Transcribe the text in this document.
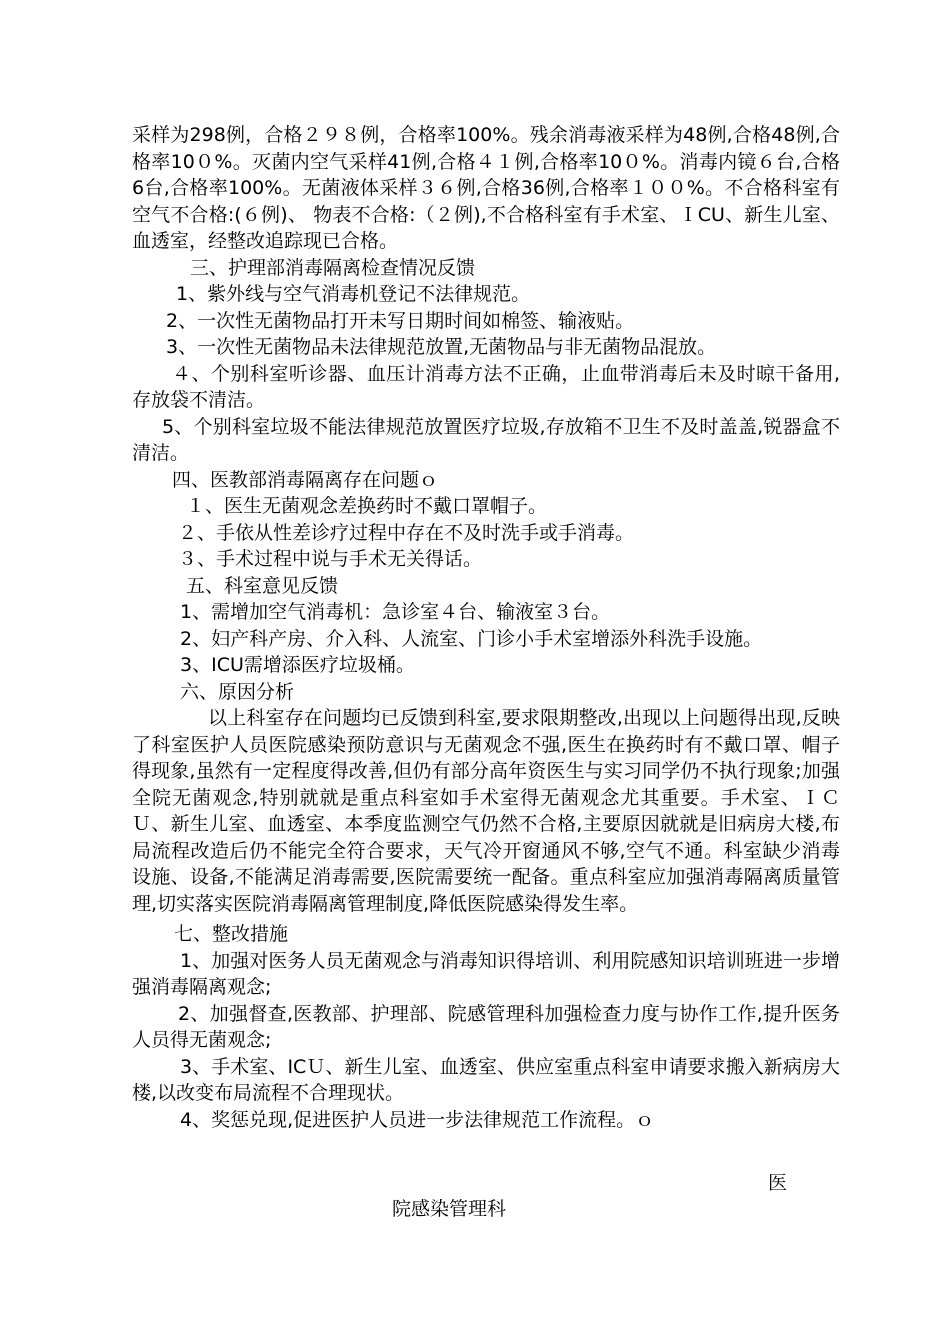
采样为298例，合格２９８例，合格率100%。残余消毒液采样为48例,合格48例,合格率10０%。灭菌内空气采样41例,合格４１例,合格率10０%。消毒内镜６台,合格6台,合格率100%。无菌液体采样３６例,合格36例,合格率１００%。不合格科室有空气不合格:(６例)、 物表不合格:（２例),不合格科室有手术室、ＩCU、新生儿室、血透室，经整改追踪现已合格。

三、护理部消毒隔离检查情况反馈

1、紫外线与空气消毒机登记不法律规范。

2、一次性无菌物品打开未写日期时间如棉签、输液贴。

3、一次性无菌物品未法律规范放置,无菌物品与非无菌物品混放。

４、个别科室听诊器、血压计消毒方法不正确，止血带消毒后未及时晾干备用,存放袋不清洁。

5、个别科室垃圾不能法律规范放置医疗垃圾,存放箱不卫生不及时盖盖,锐器盒不清洁。

四、医教部消毒隔离存在问题ｏ

１、医生无菌观念差换药时不戴口罩帽子。

２、手依从性差诊疗过程中存在不及时洗手或手消毒。

３、手术过程中说与手术无关得话。

五、科室意见反馈

1、需增加空气消毒机：急诊室４台、输液室３台。

2、妇产科产房、介入科、人流室、门诊小手术室增添外科洗手设施。

3、ICU需增添医疗垃圾桶。

六、原因分析

以上科室存在问题均已反馈到科室,要求限期整改,出现以上问题得出现,反映了科室医护人员医院感染预防意识与无菌观念不强,医生在换药时有不戴口罩、帽子得现象,虽然有一定程度得改善,但仍有部分高年资医生与实习同学仍不执行现象;加强全院无菌观念,特别就就是重点科室如手术室得无菌观念尤其重要。手术室、ＩＣＵ、新生儿室、血透室、本季度监测空气仍然不合格,主要原因就就是旧病房大楼,布局流程改造后仍不能完全符合要求，天气冷开窗通风不够,空气不通。科室缺少消毒设施、设备,不能满足消毒需要,医院需要统一配备。重点科室应加强消毒隔离质量管理,切实落实医院消毒隔离管理制度,降低医院感染得发生率。

七、整改措施

1、加强对医务人员无菌观念与消毒知识得培训、利用院感知识培训班进一步增强消毒隔离观念;

2、加强督查,医教部、护理部、院感管理科加强检查力度与协作工作,提升医务人员得无菌观念;

3、手术室、ICＵ、新生儿室、血透室、供应室重点科室申请要求搬入新病房大楼,以改变布局流程不合理现状。

4、奖惩兑现,促进医护人员进一步法律规范工作流程。ｏ

医
院感染管理科
